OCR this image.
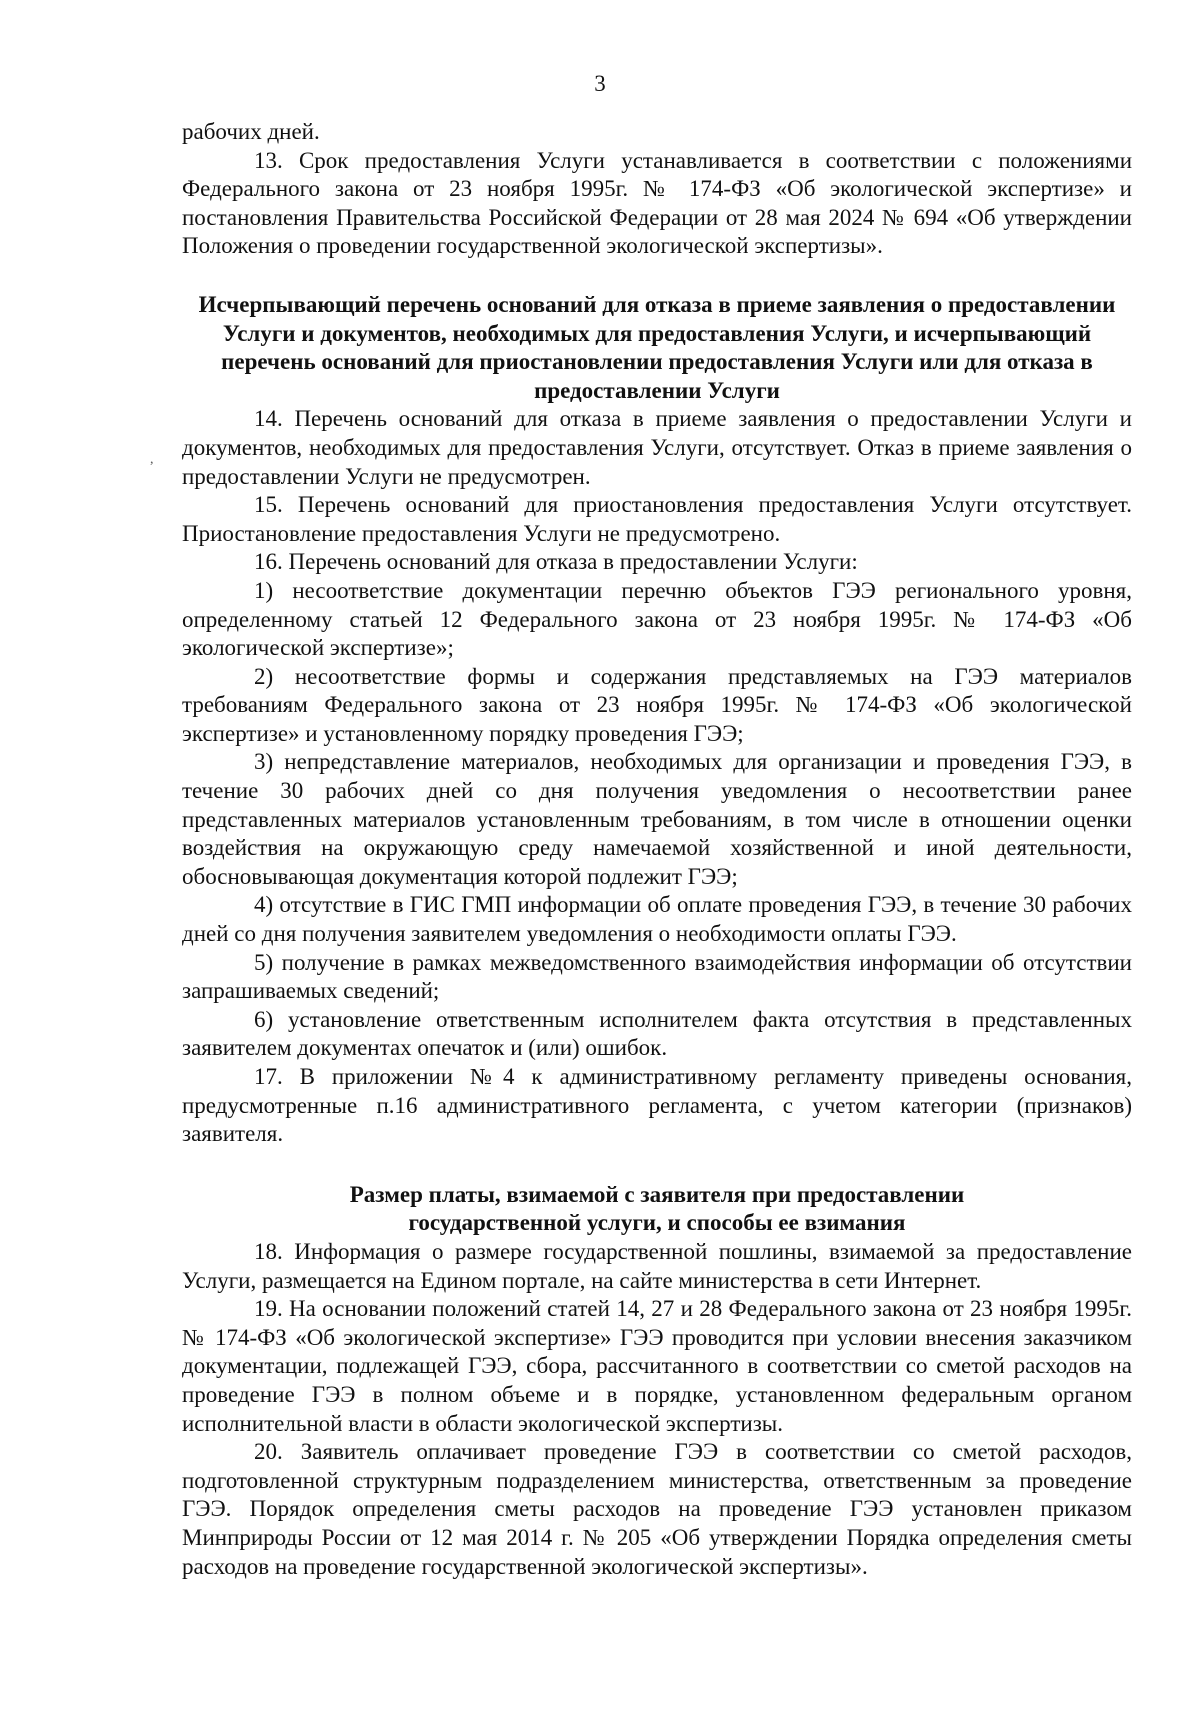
3
,

рабочих дней.

13. Срок предоставления Услуги устанавливается в соответствии с положениями Федерального закона от 23 ноября 1995г. № 174-ФЗ «Об экологической экспертизе» и постановления Правительства Российской Федерации от 28 мая 2024 № 694 «Об утверждении Положения о проведении государственной экологической экспертизы».

Исчерпывающий перечень оснований для отказа в приеме заявления о предоставлении Услуги и документов, необходимых для предоставления Услуги, и исчерпывающий перечень оснований для приостановлении предоставления Услуги или для отказа в предоставлении Услуги

14. Перечень оснований для отказа в приеме заявления о предоставлении Услуги и документов, необходимых для предоставления Услуги, отсутствует. Отказ в приеме заявления о предоставлении Услуги не предусмотрен.

15. Перечень оснований для приостановления предоставления Услуги отсутствует. Приостановление предоставления Услуги не предусмотрено.

16. Перечень оснований для отказа в предоставлении Услуги:

1) несоответствие документации перечню объектов ГЭЭ регионального уровня, определенному статьей 12 Федерального закона от 23 ноября 1995г. № 174-ФЗ «Об экологической экспертизе»;

2) несоответствие формы и содержания представляемых на ГЭЭ материалов требованиям Федерального закона от 23 ноября 1995г. № 174-ФЗ «Об экологической экспертизе» и установленному порядку проведения ГЭЭ;

3) непредставление материалов, необходимых для организации и проведения ГЭЭ, в течение 30 рабочих дней со дня получения уведомления о несоответствии ранее представленных материалов установленным требованиям, в том числе в отношении оценки воздействия на окружающую среду намечаемой хозяйственной и иной деятельности, обосновывающая документация которой подлежит ГЭЭ;

4) отсутствие в ГИС ГМП информации об оплате проведения ГЭЭ, в течение 30 рабочих дней со дня получения заявителем уведомления о необходимости оплаты ГЭЭ.

5) получение в рамках межведомственного взаимодействия информации об отсутствии запрашиваемых сведений;

6) установление ответственным исполнителем факта отсутствия в представленных заявителем документах опечаток и (или) ошибок.

17. В приложении №4 к административному регламенту приведены основания, предусмотренные п.16 административного регламента, с учетом категории (признаков) заявителя.

Размер платы, взимаемой с заявителя при предоставлении

государственной услуги, и способы ее взимания

18. Информация о размере государственной пошлины, взимаемой за предоставление Услуги, размещается на Едином портале, на сайте министерства в сети Интернет.

19. На основании положений статей 14, 27 и 28 Федерального закона от 23 ноября 1995г. № 174-ФЗ «Об экологической экспертизе» ГЭЭ проводится при условии внесения заказчиком документации, подлежащей ГЭЭ, сбора, рассчитанного в соответствии со сметой расходов на проведение ГЭЭ в полном объеме и в порядке, установленном федеральным органом исполнительной власти в области экологической экспертизы.

20. Заявитель оплачивает проведение ГЭЭ в соответствии со сметой расходов, подготовленной структурным подразделением министерства, ответственным за проведение ГЭЭ. Порядок определения сметы расходов на проведение ГЭЭ установлен приказом Минприроды России от 12 мая 2014 г. № 205 «Об утверждении Порядка определения сметы расходов на проведение государственной экологической экспертизы».
